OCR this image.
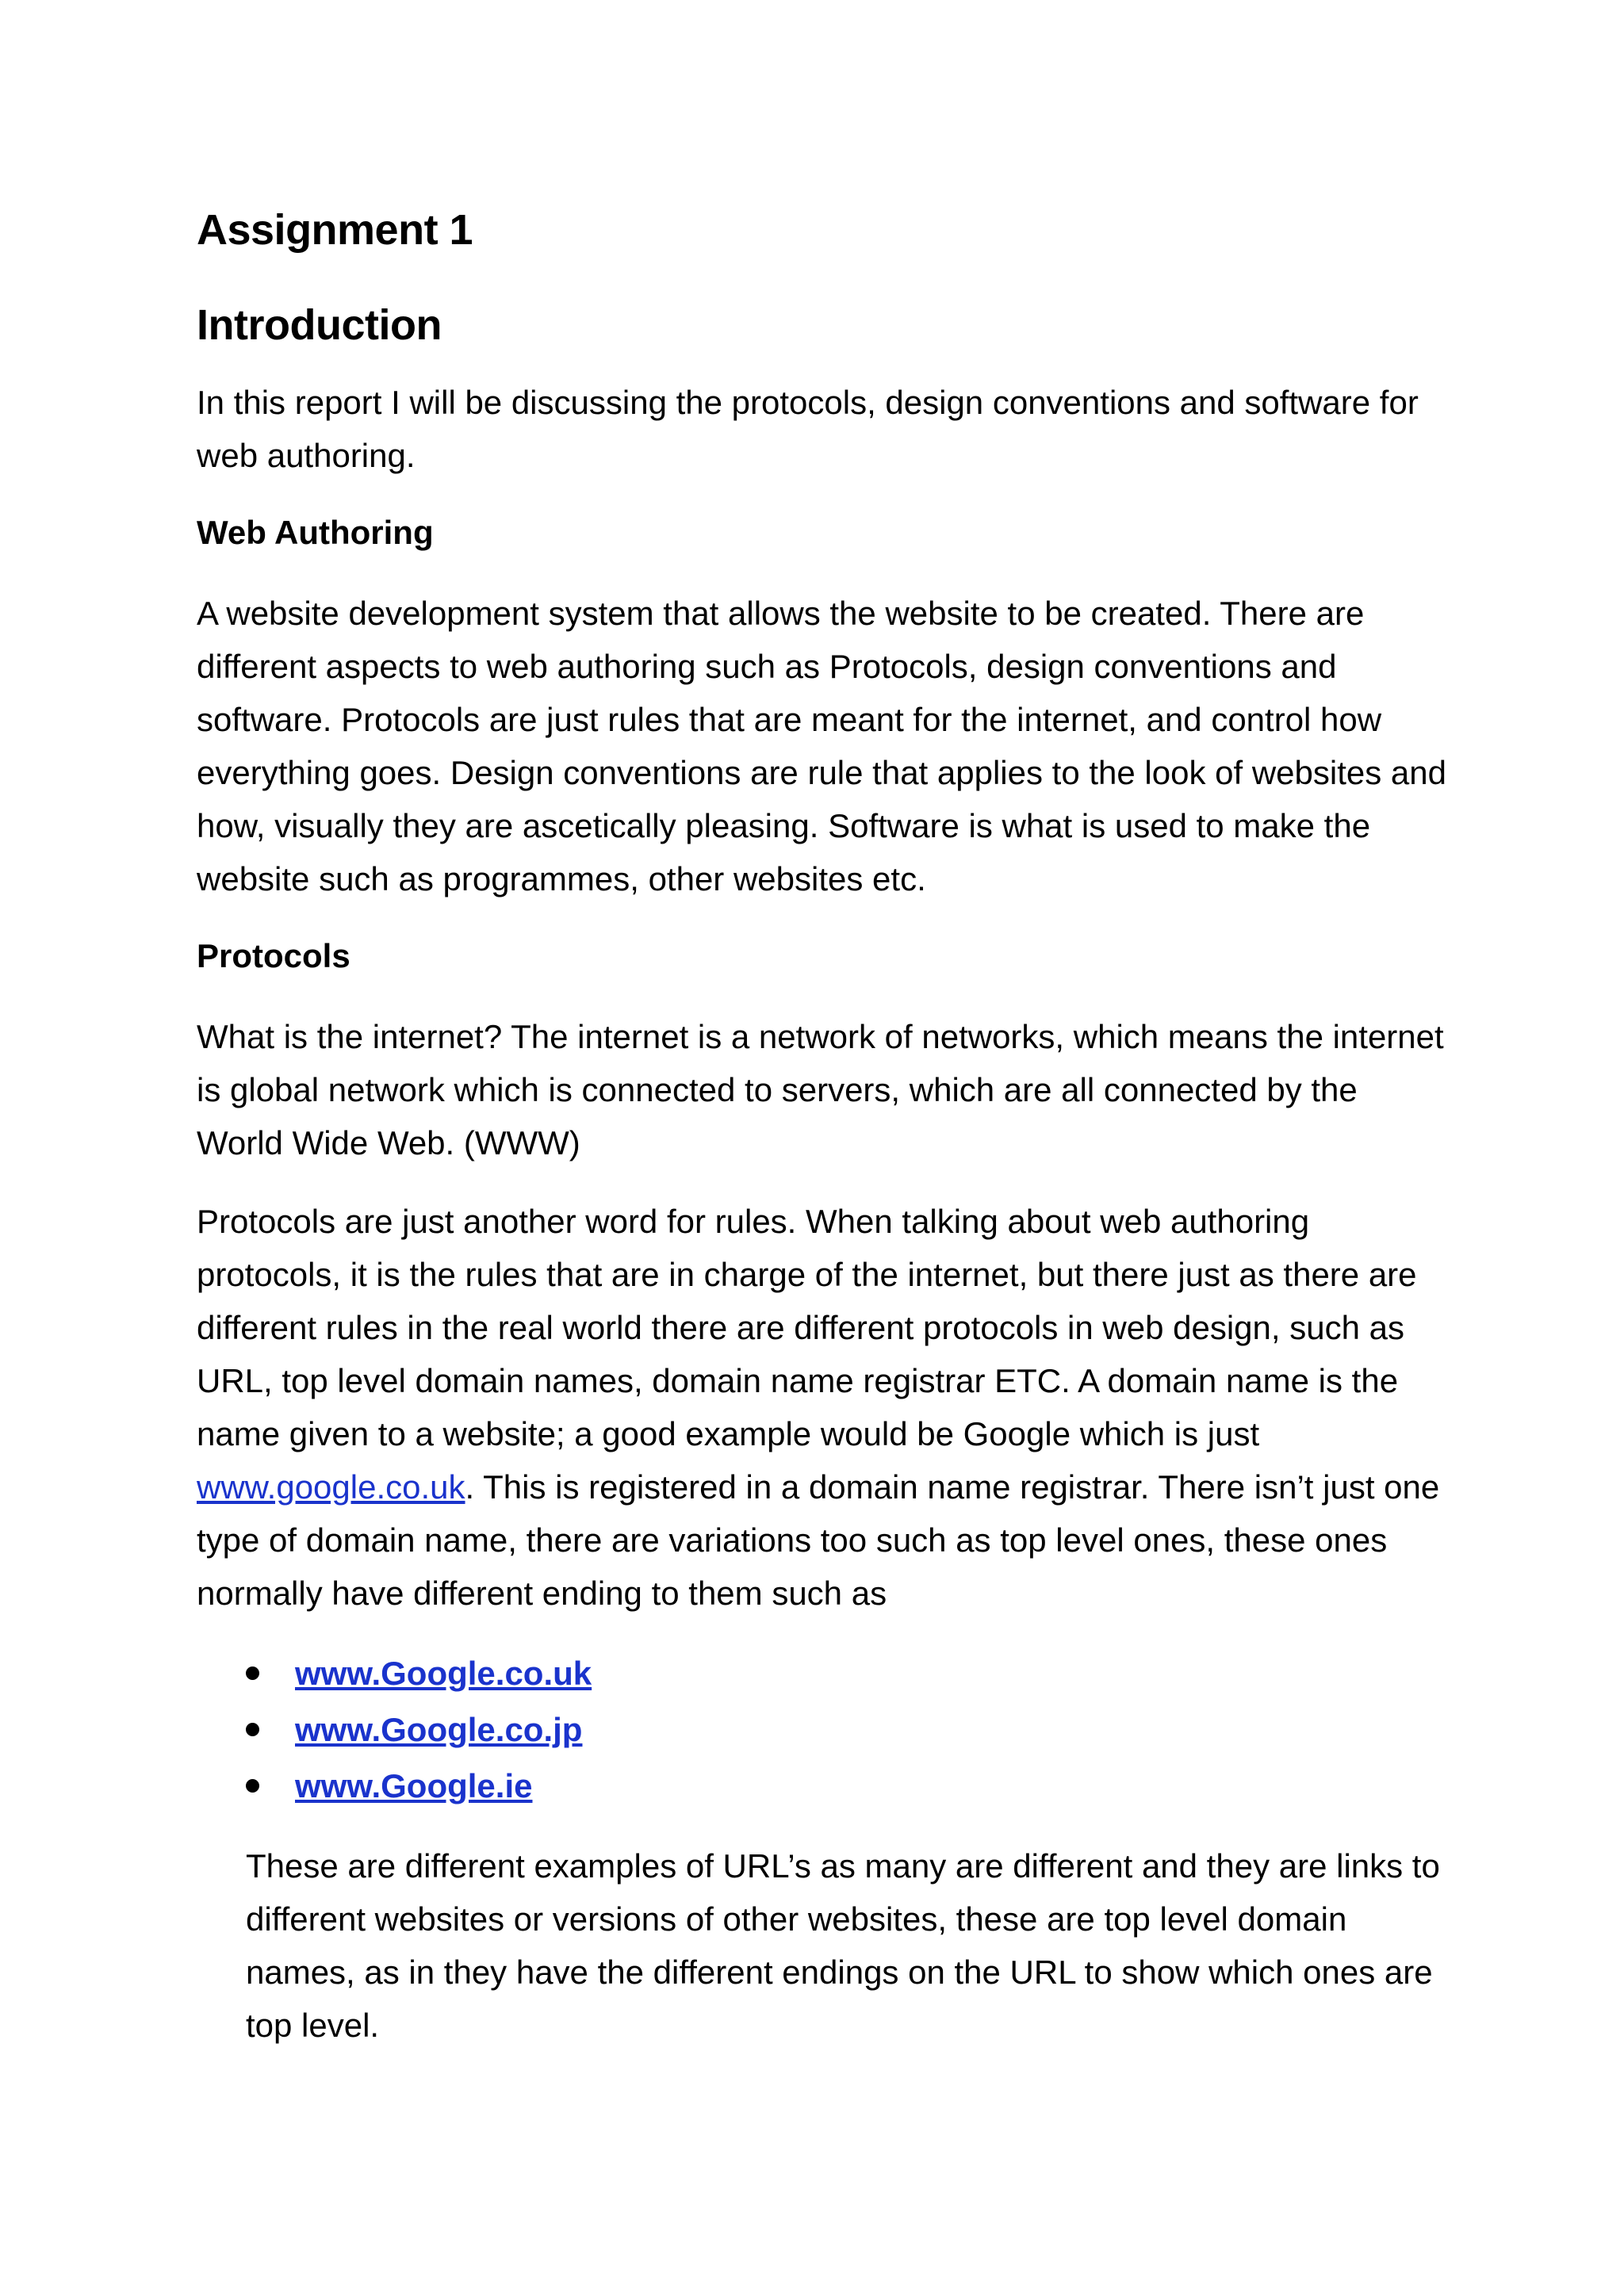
Assignment 1
Introduction

In this report I will be discussing the protocols, design conventions and software for web authoring.

Web Authoring

A website development system that allows the website to be created. There are different aspects to web authoring such as Protocols, design conventions and software. Protocols are just rules that are meant for the internet, and control how everything goes. Design conventions are rule that applies to the look of websites and how, visually they are ascetically pleasing. Software is what is used to make the website such as programmes, other websites etc.

Protocols

What is the internet? The internet is a network of networks, which means the internet is global network which is connected to servers, which are all connected by the World Wide Web. (WWW)

Protocols are just another word for rules. When talking about web authoring protocols, it is the rules that are in charge of the internet, but there just as there are different rules in the real world there are different protocols in web design, such as URL, top level domain names, domain name registrar ETC. A domain name is the name given to a website; a good example would be Google which is just www.google.co.uk. This is registered in a domain name registrar. There isn’t just one type of domain name, there are variations too such as top level ones, these ones normally have different ending to them such as

www.Google.co.uk
www.Google.co.jp
www.Google.ie

These are different examples of URL’s as many are different and they are links to different websites or versions of other websites, these are top level domain names, as in they have the different endings on the URL to show which ones are top level.
